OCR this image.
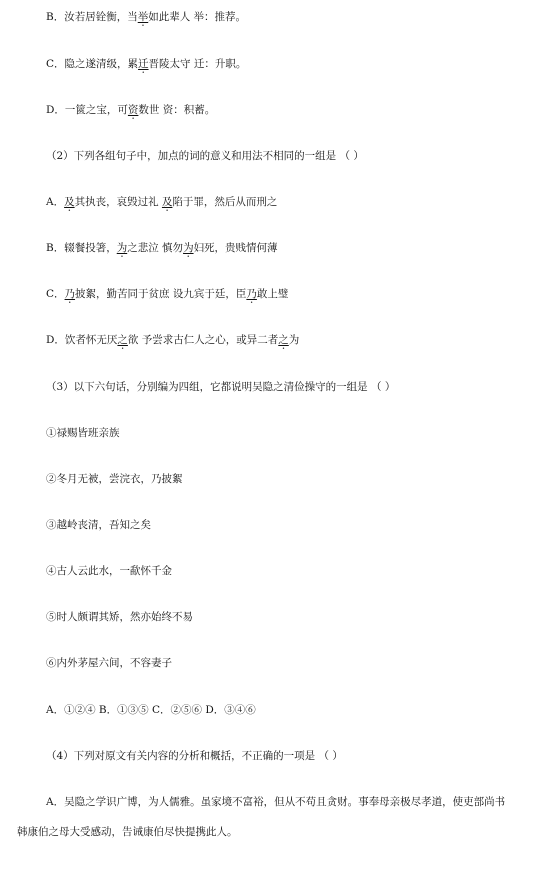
B．汝若居铨衡，当举如此辈人 举：推荐。
C．隐之遂清级，累迁晋陵太守 迁：升职。
D．一篋之宝，可资数世 资：积蓄。
（2）下列各组句子中，加点的词的意义和用法不相同的一组是 （ ）
A．及其执丧，哀毁过礼 及陷于罪，然后从而刑之
B．辍餐投箸，为之悲泣 慎勿为妇死，贵贱情何薄
C．乃披絮，勤苦同于贫庶 设九宾于廷，臣乃敢上璧
D．饮者怀无厌之欲 予尝求古仁人之心，或异二者之为
（3）以下六句话，分别编为四组，它都说明吴隐之清俭操守的一组是 （ ）
①禄赐皆班亲族
②冬月无被，尝浣衣，乃披絮
③越岭丧清，吾知之矣
④古人云此水，一歃怀千金
⑤时人颇谓其矫，然亦始终不易
⑥内外茅屋六间，不容妻子
A．①②④ B．①③⑤ C．②⑤⑥ D．③④⑥
（4）下列对原文有关内容的分析和概括，不正确的一项是 （ ）
A．吴隐之学识广博，为人儒雅。虽家境不富裕，但从不苟且贪财。事奉母亲极尽孝道，使吏部尚书
韩康伯之母大受感动，告诫康伯尽快提携此人。
